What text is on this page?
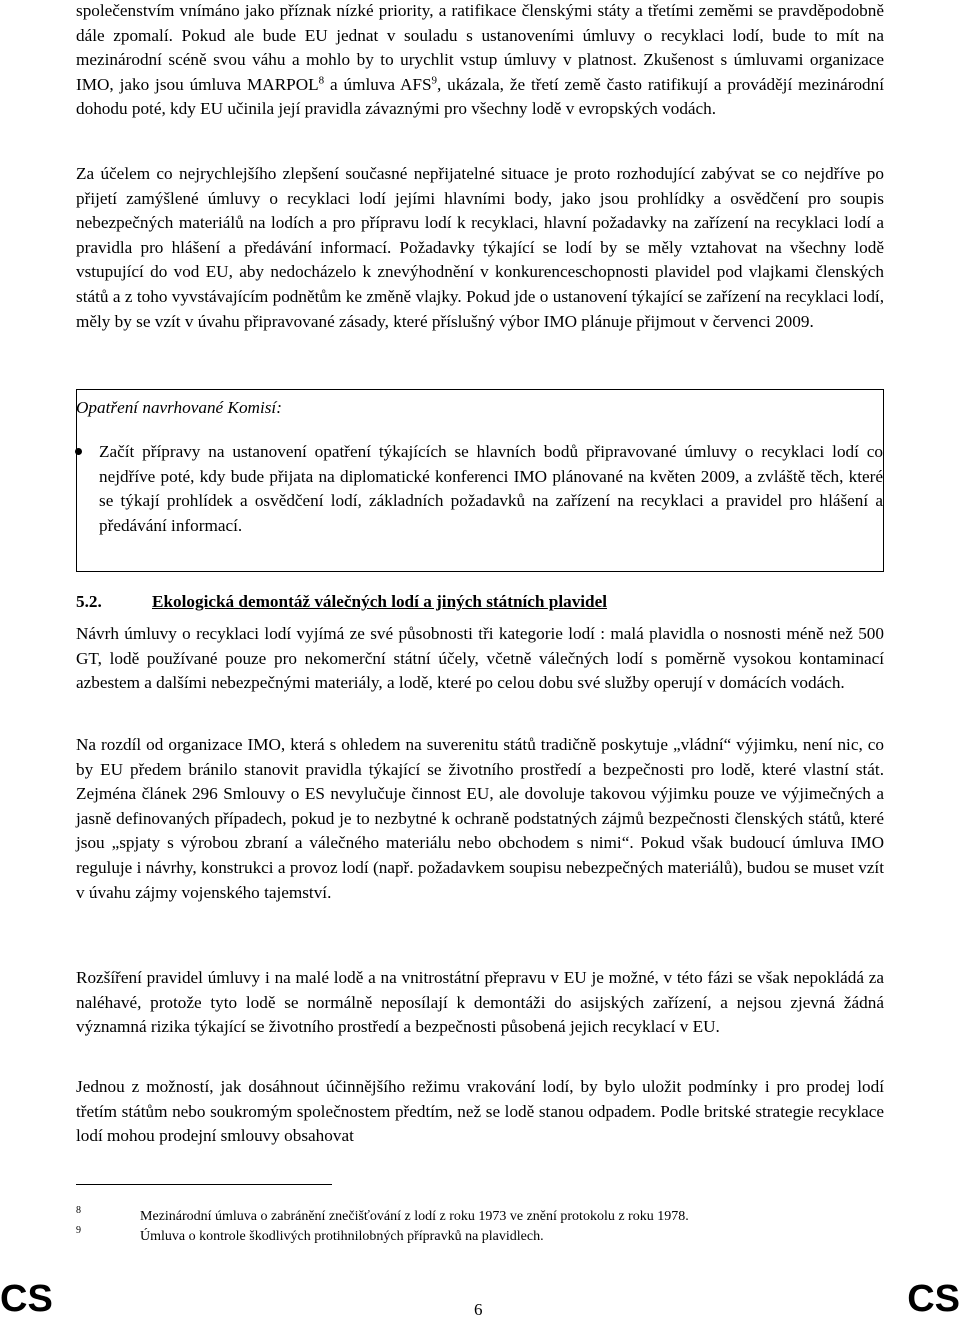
společenstvím vnímáno jako příznak nízké priority, a ratifikace členskými státy a třetími zeměmi se pravděpodobně dále zpomalí. Pokud ale bude EU jednat v souladu s ustanoveními úmluvy o recyklaci lodí, bude to mít na mezinárodní scéně svou váhu a mohlo by to urychlit vstup úmluvy v platnost. Zkušenost s úmluvami organizace IMO, jako jsou úmluva MARPOL$^8$ a úmluva AFS$^9$, ukázala, že třetí země často ratifikují a provádějí mezinárodní dohodu poté, kdy EU učinila její pravidla závaznými pro všechny lodě v evropských vodách.

Za účelem co nejrychlejšího zlepšení současné nepřijatelné situace je proto rozhodující zabývat se co nejdříve po přijetí zamýšlené úmluvy o recyklaci lodí jejími hlavními body, jako jsou prohlídky a osvědčení pro soupis nebezpečných materiálů na lodích a pro přípravu lodí k recyklaci, hlavní požadavky na zařízení na recyklaci lodí a pravidla pro hlášení a předávání informací. Požadavky týkající se lodí by se měly vztahovat na všechny lodě vstupující do vod EU, aby nedocházelo k znevýhodnění v konkurenceschopnosti plavidel pod vlajkami členských států a z toho vyvstávajícím podnětům ke změně vlajky. Pokud jde o ustanovení týkající se zařízení na recyklaci lodí, měly by se vzít v úvahu připravované zásady, které příslušný výbor IMO plánuje přijmout v červenci 2009.

Opatření navrhované Komisí:

Začít přípravy na ustanovení opatření týkajících se hlavních bodů připravované úmluvy o recyklaci lodí co nejdříve poté, kdy bude přijata na diplomatické konferenci IMO plánované na květen 2009, a zvláště těch, které se týkají prohlídek a osvědčení lodí, základních požadavků na zařízení na recyklaci a pravidel pro hlášení a předávání informací.

5.2.	Ekologická demontáž válečných lodí a jiných státních plavidel

Návrh úmluvy o recyklaci lodí vyjímá ze své působnosti tři kategorie lodí : malá plavidla o nosnosti méně než 500 GT, lodě používané pouze pro nekomerční státní účely, včetně válečných lodí s poměrně vysokou kontaminací azbestem a dalšími nebezpečnými materiály, a lodě, které po celou dobu své služby operují v domácích vodách.

Na rozdíl od organizace IMO, která s ohledem na suverenitu států tradičně poskytuje „vládní“ výjimku, není nic, co by EU předem bránilo stanovit pravidla týkající se životního prostředí a bezpečnosti pro lodě, které vlastní stát. Zejména článek 296 Smlouvy o ES nevylučuje činnost EU, ale dovoluje takovou výjimku pouze ve výjimečných a jasně definovaných případech, pokud je to nezbytné k ochraně podstatných zájmů bezpečnosti členských států, které jsou „spjaty s výrobou zbraní a válečného materiálu nebo obchodem s nimi“. Pokud však budoucí úmluva IMO reguluje i návrhy, konstrukci a provoz lodí (např. požadavkem soupisu nebezpečných materiálů), budou se muset vzít v úvahu zájmy vojenského tajemství.

Rozšíření pravidel úmluvy i na malé lodě a na vnitrostátní přepravu v EU je možné, v této fázi se však nepokládá za naléhavé, protože tyto lodě se normálně neposílají k demontáži do asijských zařízení, a nejsou zjevná žádná významná rizika týkající se životního prostředí a bezpečnosti působená jejich recyklací v EU.

Jednou z možností, jak dosáhnout účinnějšího režimu vrakování lodí, by bylo uložit podmínky i pro prodej lodí třetím státům nebo soukromým společnostem předtím, než se lodě stanou odpadem. Podle britské strategie recyklace lodí mohou prodejní smlouvy obsahovat

8	Mezinárodní úmluva o zabránění znečišťování z lodí z roku 1973 ve znění protokolu z roku 1978.
9	Úmluva o kontrole škodlivých protihnilobných přípravků na plavidlech.
CS	6	CS
